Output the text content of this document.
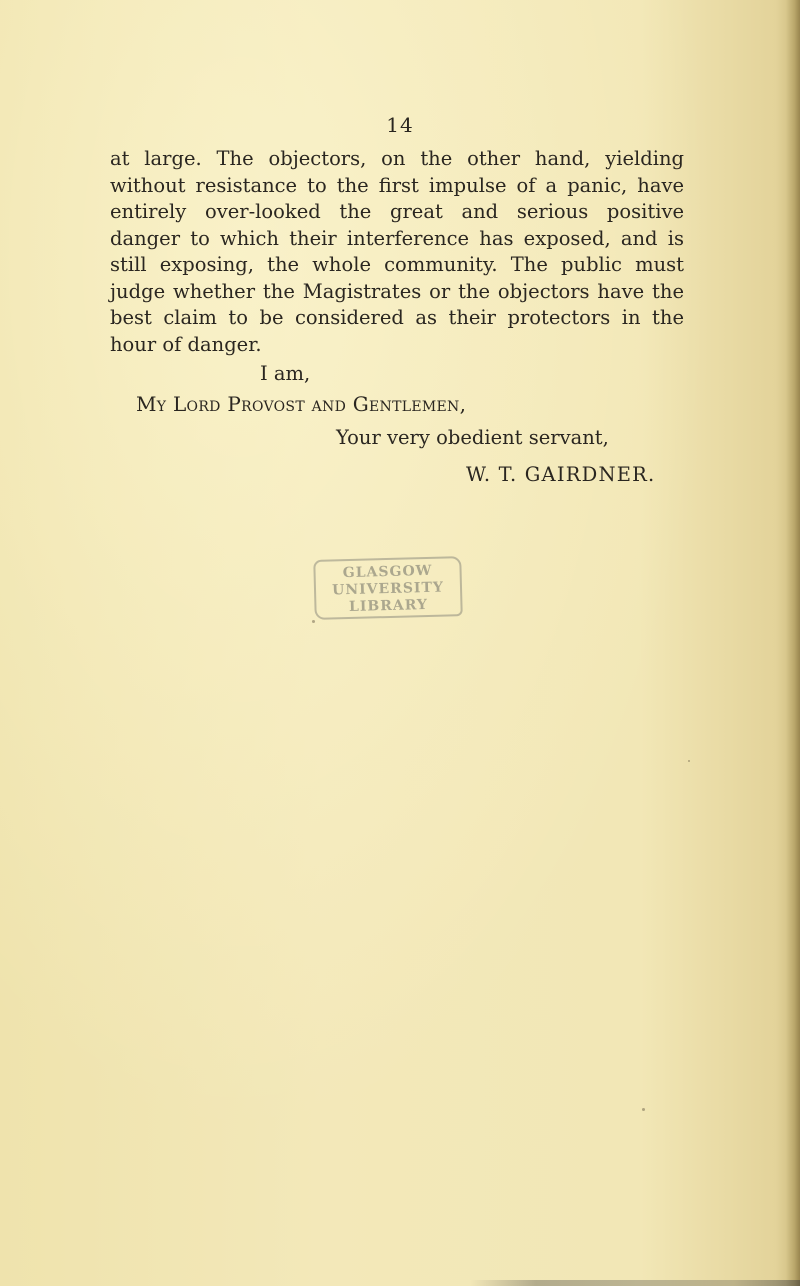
14

at large. The objectors, on the other hand, yielding without resistance to the first impulse of a panic, have entirely over-looked the great and serious positive danger to which their interference has exposed, and is still exposing, the whole community. The public must judge whether the Magistrates or the objectors have the best claim to be considered as their protectors in the hour of danger.

I am,
My Lord Provost and Gentlemen,
Your very obedient servant,
W. T. GAIRDNER.
GLASGOW
UNIVERSITY
LIBRARY
